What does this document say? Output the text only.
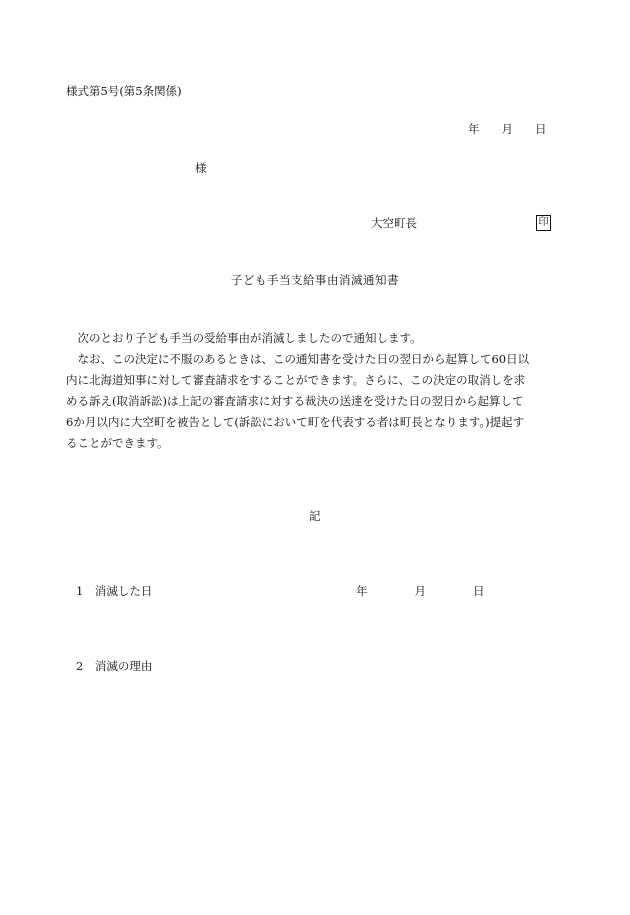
様式第5号(第5条関係)
年 月 日
様
大空町長	印
子ども手当支給事由消滅通知書
　次のとおり子ども手当の受給事由が消滅しましたので通知します。
　なお、この決定に不服のあるときは、この通知書を受けた日の翌日から起算して60日以
内に北海道知事に対して審査請求をすることができます。さらに、この決定の取消しを求
める訴え(取消訴訟)は上記の審査請求に対する裁決の送達を受けた日の翌日から起算して
6か月以内に大空町を被告として(訴訟において町を代表する者は町長となります。)提起す
ることができます。
記
1　消滅した日	年	月	日
2　消滅の理由
